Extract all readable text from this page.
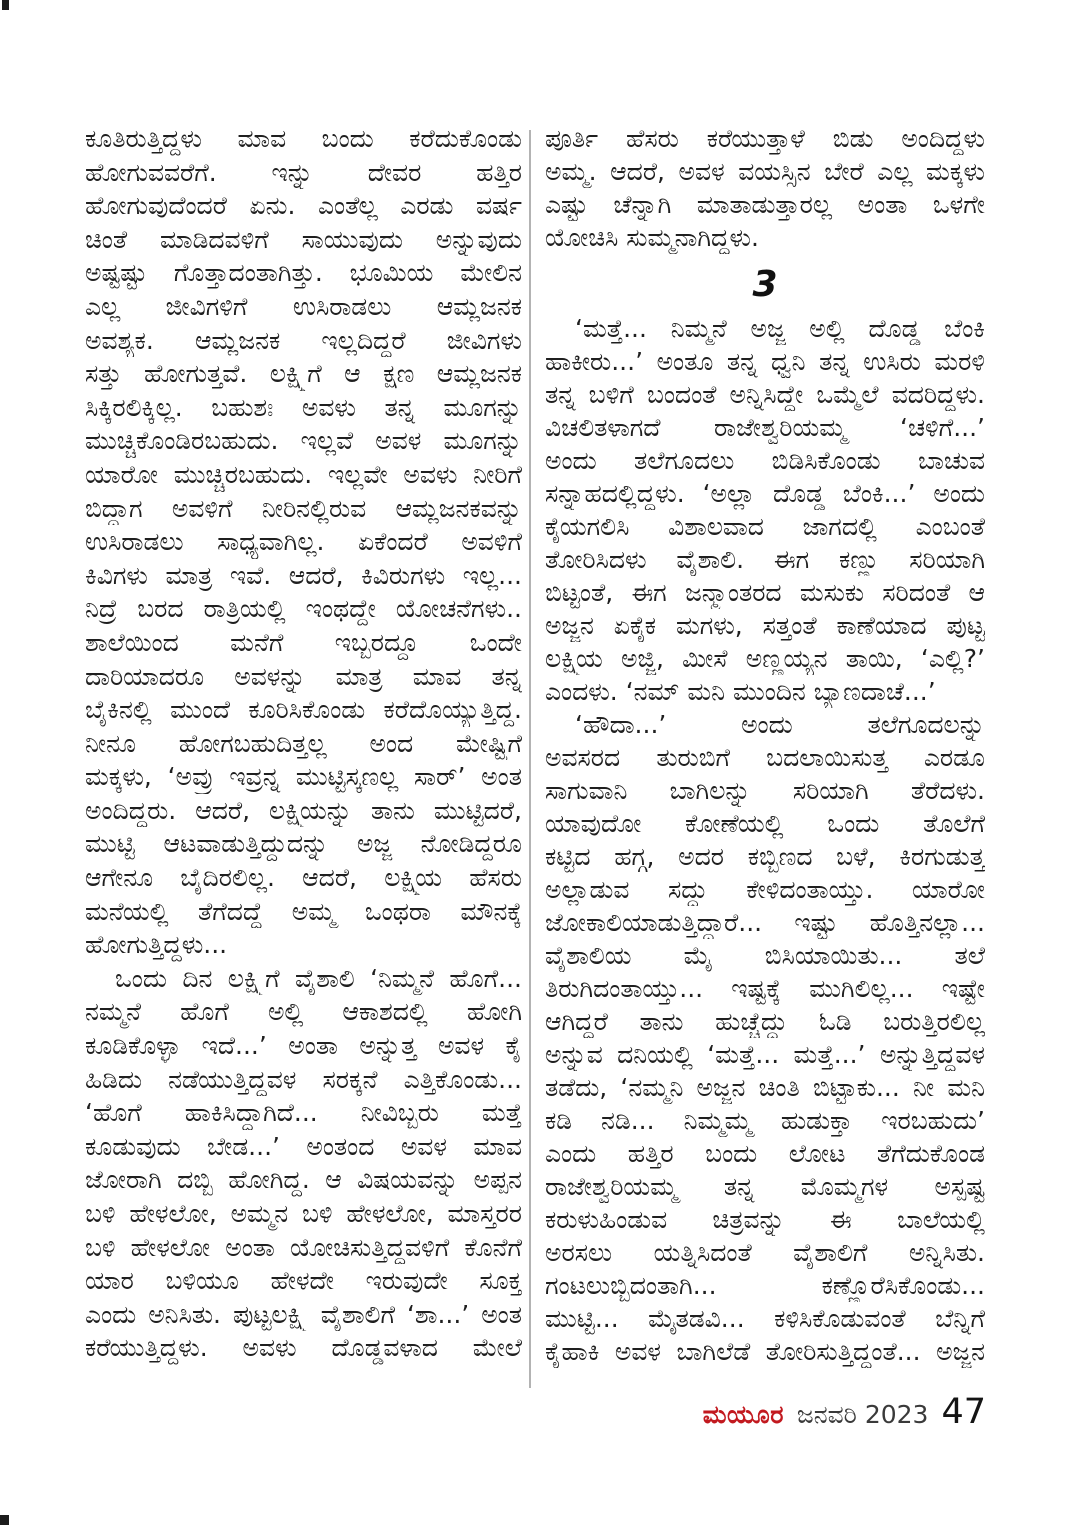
ಕೂತಿರುತ್ತಿದ್ದಳು ಮಾವ ಬಂದು ಕರೆದುಕೊಂಡು
ಹೋಗುವವರೆಗೆ. ಇನ್ನು ದೇವರ ಹತ್ತಿರ
ಹೋಗುವುದೆಂದರೆ ಏನು. ಎಂತೆಲ್ಲ ಎರಡು ವರ್ಷ
ಚಿಂತೆ ಮಾಡಿದವಳಿಗೆ ಸಾಯುವುದು ಅನ್ನುವುದು
ಅಷ್ಟಷ್ಟು ಗೊತ್ತಾದಂತಾಗಿತ್ತು. ಭೂಮಿಯ ಮೇಲಿನ
ಎಲ್ಲ ಜೀವಿಗಳಿಗೆ ಉಸಿರಾಡಲು ಆಮ್ಲಜನಕ
ಅವಶ್ಯಕ. ಆಮ್ಲಜನಕ ಇಲ್ಲದಿದ್ದರೆ ಜೀವಿಗಳು
ಸತ್ತು ಹೋಗುತ್ತವೆ. ಲಕ್ಷ್ಮಿಗೆ ಆ ಕ್ಷಣ ಆಮ್ಲಜನಕ
ಸಿಕ್ಕಿರಲಿಕ್ಕಿಲ್ಲ. ಬಹುಶಃ ಅವಳು ತನ್ನ ಮೂಗನ್ನು
ಮುಚ್ಚಿಕೊಂಡಿರಬಹುದು. ಇಲ್ಲವೆ ಅವಳ ಮೂಗನ್ನು
ಯಾರೋ ಮುಚ್ಚಿರಬಹುದು. ಇಲ್ಲವೇ ಅವಳು ನೀರಿಗೆ
ಬಿದ್ದಾಗ ಅವಳಿಗೆ ನೀರಿನಲ್ಲಿರುವ ಆಮ್ಲಜನಕವನ್ನು
ಉಸಿರಾಡಲು ಸಾಧ್ಯವಾಗಿಲ್ಲ. ಏಕೆಂದರೆ ಅವಳಿಗೆ
ಕಿವಿಗಳು ಮಾತ್ರ ಇವೆ. ಆದರೆ, ಕಿವಿರುಗಳು ಇಲ್ಲ...
ನಿದ್ರೆ ಬರದ ರಾತ್ರಿಯಲ್ಲಿ ಇಂಥದ್ದೇ ಯೋಚನೆಗಳು..
ಶಾಲೆಯಿಂದ ಮನೆಗೆ ಇಬ್ಬರದ್ದೂ ಒಂದೇ
ದಾರಿಯಾದರೂ ಅವಳನ್ನು ಮಾತ್ರ ಮಾವ ತನ್ನ
ಬೈಕಿನಲ್ಲಿ ಮುಂದೆ ಕೂರಿಸಿಕೊಂಡು ಕರೆದೊಯ್ಯುತ್ತಿದ್ದ.
ನೀನೂ ಹೋಗಬಹುದಿತ್ತಲ್ಲ ಅಂದ ಮೇಷ್ಟ್ರಿಗೆ
ಮಕ್ಕಳು, ‘ಅವ್ರು ಇವ್ರನ್ನ ಮುಟ್ಟಿಸ್ಕಣಲ್ಲ ಸಾರ್’ ಅಂತ
ಅಂದಿದ್ದರು. ಆದರೆ, ಲಕ್ಷ್ಮಿಯನ್ನು ತಾನು ಮುಟ್ಟಿದರೆ,
ಮುಟ್ಟಿ ಆಟವಾಡುತ್ತಿದ್ದುದನ್ನು ಅಜ್ಜ ನೋಡಿದ್ದರೂ
ಆಗೇನೂ ಬೈದಿರಲಿಲ್ಲ. ಆದರೆ, ಲಕ್ಷ್ಮಿಯ ಹೆಸರು
ಮನೆಯಲ್ಲಿ ತೆಗೆದದ್ದೆ ಅಮ್ಮ ಒಂಥರಾ ಮೌನಕ್ಕೆ
ಹೋಗುತ್ತಿದ್ದಳು...
ಒಂದು ದಿನ ಲಕ್ಷ್ಮಿಗೆ ವೈಶಾಲಿ ‘ನಿಮ್ಮನೆ ಹೊಗೆ...
ನಮ್ಮನೆ ಹೊಗೆ ಅಲ್ಲಿ ಆಕಾಶದಲ್ಲಿ ಹೋಗಿ
ಕೂಡಿಕೊಳ್ಳಾ ಇದೆ...’ ಅಂತಾ ಅನ್ನುತ್ತ ಅವಳ ಕೈ
ಹಿಡಿದು ನಡೆಯುತ್ತಿದ್ದವಳ ಸರಕ್ಕನೆ ಎತ್ತಿಕೊಂಡು...
‘ಹೊಗೆ ಹಾಕಿಸಿದ್ದಾಗಿದೆ... ನೀವಿಬ್ಬರು ಮತ್ತೆ
ಕೂಡುವುದು ಬೇಡ...’ ಅಂತಂದ ಅವಳ ಮಾವ
ಜೋರಾಗಿ ದಬ್ಬಿ ಹೋಗಿದ್ದ. ಆ ವಿಷಯವನ್ನು ಅಪ್ಪನ
ಬಳಿ ಹೇಳಲೋ, ಅಮ್ಮನ ಬಳಿ ಹೇಳಲೋ, ಮಾಸ್ತರರ
ಬಳಿ ಹೇಳಲೋ ಅಂತಾ ಯೋಚಿಸುತ್ತಿದ್ದವಳಿಗೆ ಕೊನೆಗೆ
ಯಾರ ಬಳಿಯೂ ಹೇಳದೇ ಇರುವುದೇ ಸೂಕ್ತ
ಎಂದು ಅನಿಸಿತು. ಪುಟ್ಟಲಕ್ಷ್ಮಿ ವೈಶಾಲಿಗೆ ‘ಶಾ...’ ಅಂತ
ಕರೆಯುತ್ತಿದ್ದಳು. ಅವಳು ದೊಡ್ಡವಳಾದ ಮೇಲೆ
ಪೂರ್ತಿ ಹೆಸರು ಕರೆಯುತ್ತಾಳೆ ಬಿಡು ಅಂದಿದ್ದಳು
ಅಮ್ಮ. ಆದರೆ, ಅವಳ ವಯಸ್ಸಿನ ಬೇರೆ ಎಲ್ಲ ಮಕ್ಕಳು
ಎಷ್ಟು ಚೆನ್ನಾಗಿ ಮಾತಾಡುತ್ತಾರಲ್ಲ ಅಂತಾ ಒಳಗೇ
ಯೋಚಿಸಿ ಸುಮ್ಮನಾಗಿದ್ದಳು.
3
‘ಮತ್ತೆ... ನಿಮ್ಮನೆ ಅಜ್ಜ ಅಲ್ಲಿ ದೊಡ್ಡ ಬೆಂಕಿ
ಹಾಕೀರು...’ ಅಂತೂ ತನ್ನ ಧ್ವನಿ ತನ್ನ ಉಸಿರು ಮರಳಿ
ತನ್ನ ಬಳಿಗೆ ಬಂದಂತೆ ಅನ್ನಿಸಿದ್ದೇ ಒಮ್ಮೆಲೆ ವದರಿದ್ದಳು.
ವಿಚಲಿತಳಾಗದೆ ರಾಜೇಶ್ವರಿಯಮ್ಮ ‘ಚಳಿಗೆ...’
ಅಂದು ತಲೆಗೂದಲು ಬಿಡಿಸಿಕೊಂಡು ಬಾಚುವ
ಸನ್ನಾಹದಲ್ಲಿದ್ದಳು. ‘ಅಲ್ಲಾ ದೊಡ್ಡ ಬೆಂಕಿ...’ ಅಂದು
ಕೈಯಗಲಿಸಿ ವಿಶಾಲವಾದ ಜಾಗದಲ್ಲಿ ಎಂಬಂತೆ
ತೋರಿಸಿದಳು ವೈಶಾಲಿ. ಈಗ ಕಣ್ಣು ಸರಿಯಾಗಿ
ಬಿಟ್ಟಂತೆ, ಈಗ ಜನ್ಮಾಂತರದ ಮಸುಕು ಸರಿದಂತೆ ಆ
ಅಜ್ಜನ ಏಕೈಕ ಮಗಳು, ಸತ್ತಂತೆ ಕಾಣೆಯಾದ ಪುಟ್ಟ
ಲಕ್ಷ್ಮಿಯ ಅಜ್ಜಿ, ಮೀಸೆ ಅಣ್ಣಯ್ಯನ ತಾಯಿ, ‘ಎಲ್ಲಿ?’
ಎಂದಳು. ‘ನಮ್ ಮನಿ ಮುಂದಿನ ಬ್ಯಾಣದಾಚೆ...’
‘ಹೌದಾ...’ ಅಂದು ತಲೆಗೂದಲನ್ನು
ಅವಸರದ ತುರುಬಿಗೆ ಬದಲಾಯಿಸುತ್ತ ಎರಡೂ
ಸಾಗುವಾನಿ ಬಾಗಿಲನ್ನು ಸರಿಯಾಗಿ ತೆರೆದಳು.
ಯಾವುದೋ ಕೋಣೆಯಲ್ಲಿ ಒಂದು ತೊಲೆಗೆ
ಕಟ್ಟಿದ ಹಗ್ಗ, ಅದರ ಕಬ್ಬಿಣದ ಬಳೆ, ಕಿರಗುಡುತ್ತ
ಅಲ್ಲಾಡುವ ಸದ್ದು ಕೇಳಿದಂತಾಯ್ತು. ಯಾರೋ
ಜೋಕಾಲಿಯಾಡುತ್ತಿದ್ದಾರೆ... ಇಷ್ಟು ಹೊತ್ತಿನಲ್ಲಾ...
ವೈಶಾಲಿಯ ಮೈ ಬಿಸಿಯಾಯಿತು... ತಲೆ
ತಿರುಗಿದಂತಾಯ್ತು... ಇಷ್ಟಕ್ಕೆ ಮುಗಿಲಿಲ್ಲ... ಇಷ್ಟೇ
ಆಗಿದ್ದರೆ ತಾನು ಹುಚ್ಚೆದ್ದು ಓಡಿ ಬರುತ್ತಿರಲಿಲ್ಲ
ಅನ್ನುವ ದನಿಯಲ್ಲಿ ‘ಮತ್ತೆ... ಮತ್ತೆ...’ ಅನ್ನುತ್ತಿದ್ದವಳ
ತಡೆದು, ‘ನಮ್ಮನಿ ಅಜ್ಜನ ಚಿಂತಿ ಬಿಟ್ಟಾಕು... ನೀ ಮನಿ
ಕಡಿ ನಡಿ... ನಿಮ್ಮಮ್ಮ ಹುಡುಕ್ತಾ ಇರಬಹುದು’
ಎಂದು ಹತ್ತಿರ ಬಂದು ಲೋಟ ತೆಗೆದುಕೊಂಡ
ರಾಜೇಶ್ವರಿಯಮ್ಮ ತನ್ನ ಮೊಮ್ಮಗಳ ಅಸ್ಪಷ್ಟ
ಕರುಳುಹಿಂಡುವ ಚಿತ್ರವನ್ನು ಈ ಬಾಲೆಯಲ್ಲಿ
ಅರಸಲು ಯತ್ನಿಸಿದಂತೆ ವೈಶಾಲಿಗೆ ಅನ್ನಿಸಿತು.
ಗಂಟಲುಬ್ಬಿದಂತಾಗಿ... ಕಣ್ಣೊರೆಸಿಕೊಂಡು...
ಮುಟ್ಟಿ... ಮೈತಡವಿ... ಕಳಿಸಿಕೊಡುವಂತೆ ಬೆನ್ನಿಗೆ
ಕೈಹಾಕಿ ಅವಳ ಬಾಗಿಲೆಡೆ ತೋರಿಸುತ್ತಿದ್ದಂತೆ... ಅಜ್ಜನ
ಮಯೂರ ಜನವರಿ 2023 47
